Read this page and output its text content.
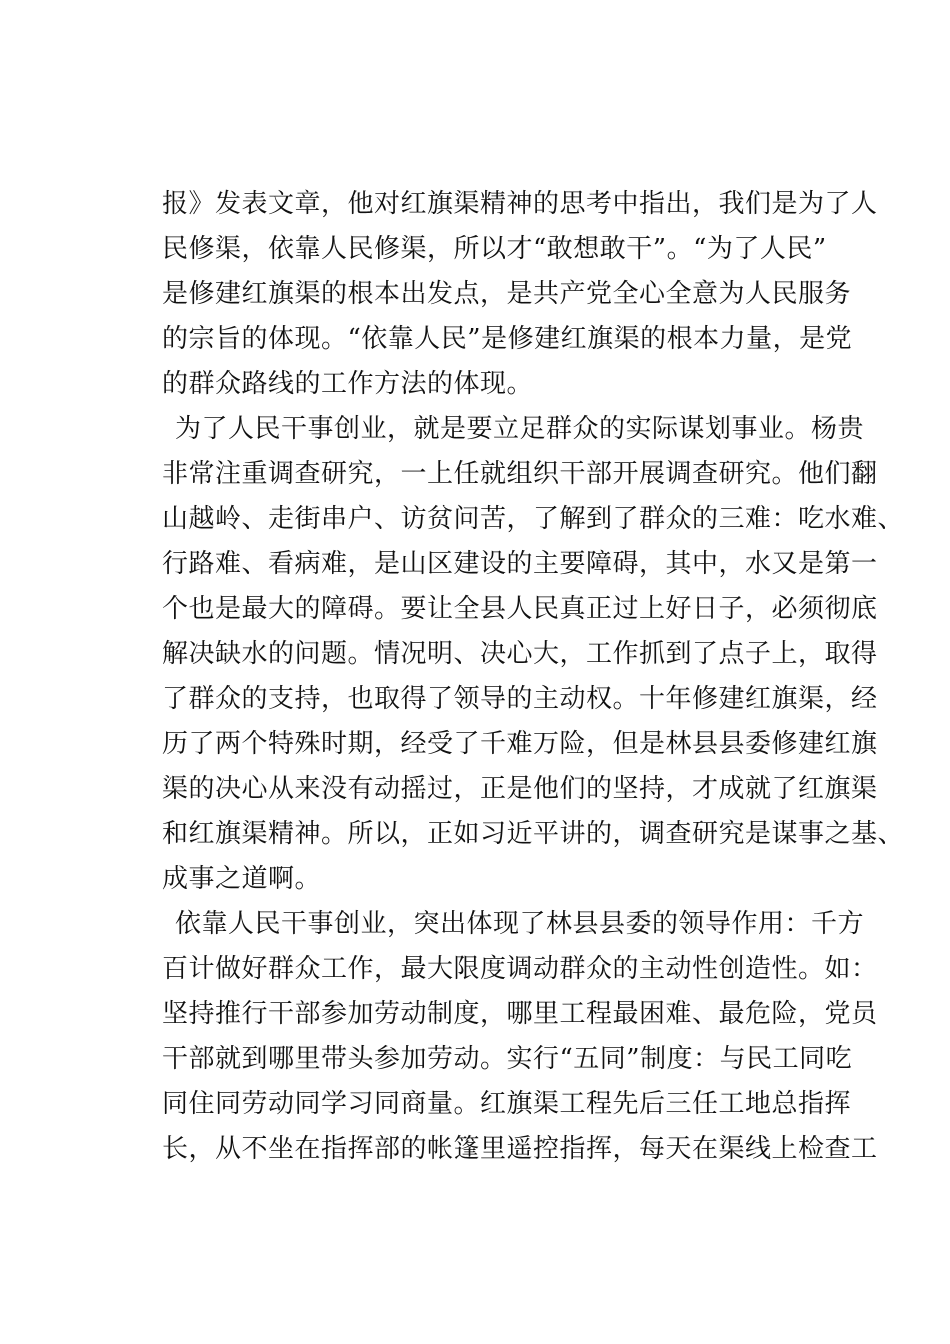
报》发表文章，他对红旗渠精神的思考中指出，我们是为了人
民修渠，依靠人民修渠，所以才“敢想敢干”。“为了人民”
是修建红旗渠的根本出发点，是共产党全心全意为人民服务
的宗旨的体现。“依靠人民”是修建红旗渠的根本力量，是党
的群众路线的工作方法的体现。
为了人民干事创业，就是要立足群众的实际谋划事业。杨贵
非常注重调查研究，一上任就组织干部开展调查研究。他们翻
山越岭、走街串户、访贫问苦，了解到了群众的三难：吃水难、
行路难、看病难，是山区建设的主要障碍，其中，水又是第一
个也是最大的障碍。要让全县人民真正过上好日子，必须彻底
解决缺水的问题。情况明、决心大，工作抓到了点子上，取得
了群众的支持，也取得了领导的主动权。十年修建红旗渠，经
历了两个特殊时期，经受了千难万险，但是林县县委修建红旗
渠的决心从来没有动摇过，正是他们的坚持，才成就了红旗渠
和红旗渠精神。所以，正如习近平讲的，调查研究是谋事之基、
成事之道啊。
依靠人民干事创业，突出体现了林县县委的领导作用：千方
百计做好群众工作，最大限度调动群众的主动性创造性。如：
坚持推行干部参加劳动制度，哪里工程最困难、最危险，党员
干部就到哪里带头参加劳动。实行“五同”制度：与民工同吃
同住同劳动同学习同商量。红旗渠工程先后三任工地总指挥
长，从不坐在指挥部的帐篷里遥控指挥，每天在渠线上检查工
